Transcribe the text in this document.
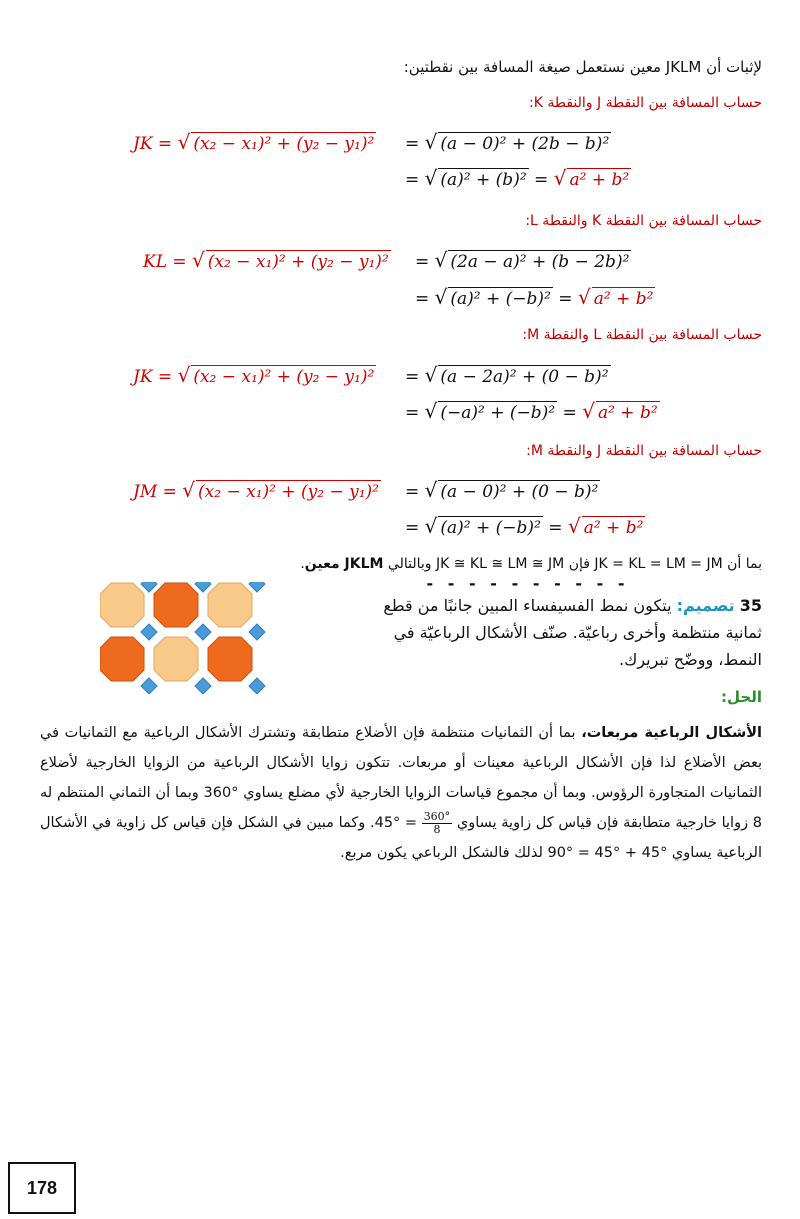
لإثبات أن JKLM معين نستعمل صيغة المسافة بين نقطتين:
حساب المسافة بين النقطة J والنقطة K:
JK = √ (x₂ − x₁)² + (y₂ − y₁)² = √ (a − 0)² + (2b − b)²
= √ (a)² + (b)² = √ a² + b²
حساب المسافة بين النقطة K والنقطة L:
KL = √ (x₂ − x₁)² + (y₂ − y₁)² = √ (2a − a)² + (b − 2b)²
= √ (a)² + (−b)² = √ a² + b²
حساب المسافة بين النقطة L والنقطة M:
JK = √ (x₂ − x₁)² + (y₂ − y₁)² = √ (a − 2a)² + (0 − b)²
= √ (−a)² + (−b)² = √ a² + b²
حساب المسافة بين النقطة J والنقطة M:
JM = √ (x₂ − x₁)² + (y₂ − y₁)² = √ (a − 0)² + (0 − b)²
= √ (a)² + (−b)² = √ a² + b²
بما أن JK = KL = LM = JM فإن JK ≅ KL ≅ LM ≅ JM وبالتالي JKLM معين.
- - - - - - - - - -
35 تصميم: يتكون نمط الفسيفساء المبين جانبًا من قطع ثمانية منتظمة وأخرى رباعيّة. صنّف الأشكال الرباعيّة في النمط، ووضّح تبريرك.
الحل:
الأشكال الرباعية مربعات، بما أن الثمانيات منتظمة فإن الأضلاع متطابقة وتشترك الأشكال الرباعية مع الثمانيات في بعض الأضلاع لذا فإن الأشكال الرباعية معينات أو مربعات. تتكون زوايا الأشكال الرباعية من الزوايا الخارجية لأضلاع الثمانيات المتجاورة الرؤوس. وبما أن مجموع قياسات الزوايا الخارجية لأي مضلع يساوي °360 وبما أن الثماني المنتظم له 8 زوايا خارجية متطابقة فإن قياس كل زاوية يساوي $45^\circ = \frac{360^\circ}{8}$
. وكما مبين في الشكل فإن قياس كل زاوية في الأشكال الرباعية يساوي 90° = 45° + 45° لذلك فالشكل الرباعي يكون مربع.
178
